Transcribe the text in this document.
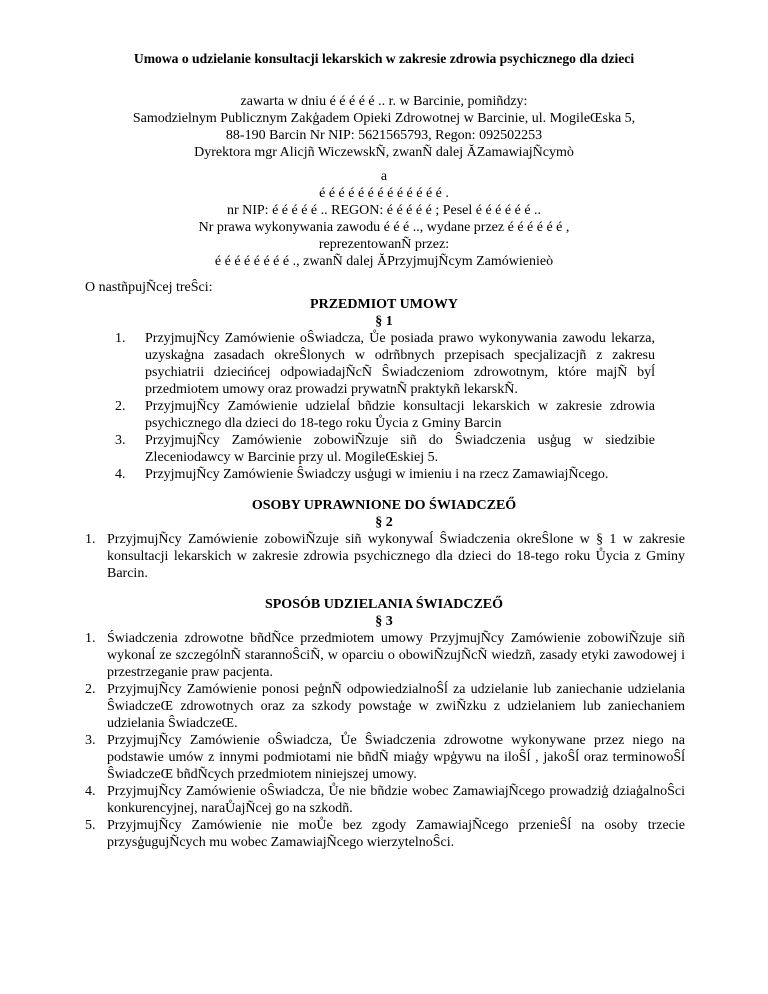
Umowa o udzielanie konsultacji lekarskich w zakresie zdrowia psychicznego dla dzieci
zawarta w dniu é é é é é .. r. w Barcinie, pomiñdzy:
Samodzielnym Publicznym Zakģadem Opieki Zdrowotnej w Barcinie, ul. MogileŒska 5,
88-190 Barcin Nr NIP: 5621565793, Regon: 092502253
Dyrektora mgr Alicjñ WiczewskÑ, zwanÑ dalej ĂZamawiajÑcymò
a
é é é é é é é é é é é é é .
nr NIP: é é é é é .. REGON: é é é é é ; Pesel é é é é é é ..
Nr prawa wykonywania zawodu é é é .., wydane przez é é é é é é ,
reprezentowanÑ przez:
é é é é é é é é ., zwanÑ dalej ĂPrzyjmujÑcym Zamówienieò
O nastñpujÑcej treŜci:
PRZEDMIOT UMOWY
§ 1
1. PrzyjmujÑcy Zamówienie oŜwiadcza, Ůe posiada prawo wykonywania zawodu lekarza, uzyskaģna zasadach okreŜlonych w odrñbnych przepisach specjalizacjñ z zakresu psychiatrii dziecińcej odpowiadajÑcÑ Ŝwiadczeniom zdrowotnym, które majÑ byĺ przedmiotem umowy oraz prowadzi prywatnÑ praktykñ lekarskÑ.
2. PrzyjmujÑcy Zamówienie udzielaĺ bñdzie konsultacji lekarskich w zakresie zdrowia psychicznego dla dzieci do 18-tego roku Ůycia z Gminy Barcin
3. PrzyjmujÑcy Zamówienie zobowiÑzuje siñ do Ŝwiadczenia usģug w siedzibie Zleceniodawcy w Barcinie przy ul. MogileŒskiej 5.
4. PrzyjmujÑcy Zamówienie Ŝwiadczy usģugi w imieniu i na rzecz ZamawiajÑcego.
OSOBY UPRAWNIONE DO ŚWIADCZEŐ
§ 2
1. PrzyjmujÑcy Zamówienie zobowiÑzuje siñ wykonywaĺ Ŝwiadczenia okreŜlone w § 1 w zakresie konsultacji lekarskich w zakresie zdrowia psychicznego dla dzieci do 18-tego roku Ůycia z Gminy Barcin.
SPOSÓB UDZIELANIA ŚWIADCZEŐ
§ 3
1. Świadczenia zdrowotne bñdÑce przedmiotem umowy PrzyjmujÑcy Zamówienie zobowiÑzuje siñ wykonaĺ ze szczególnÑ starannoŜciÑ, w oparciu o obowiÑzujÑcÑ wiedzñ, zasady etyki zawodowej i przestrzeganie praw pacjenta.
2. PrzyjmujÑcy Zamówienie ponosi peģnÑ odpowiedzialnoŜĺ za udzielanie lub zaniechanie udzielania ŜwiadczeŒ zdrowotnych oraz za szkody powstaģe w zwiÑzku z udzielaniem lub zaniechaniem udzielania ŜwiadczeŒ.
3. PrzyjmujÑcy Zamówienie oŜwiadcza, Ůe Ŝwiadczenia zdrowotne wykonywane przez niego na podstawie umów z innymi podmiotami nie bñdÑ miaģy wpģywu na iloŜĺ , jakoŜĺ oraz terminowoŜĺ ŜwiadczeŒ bñdÑcych przedmiotem niniejszej umowy.
4. PrzyjmujÑcy Zamówienie oŜwiadcza, Ůe nie bñdzie wobec ZamawiajÑcego prowadziģ dziaģalnoŜci konkurencyjnej, naraŮajÑcej go na szkodñ.
5. PrzyjmujÑcy Zamówienie nie moŮe bez zgody ZamawiajÑcego przenieŜĺ na osoby trzecie przysģugujÑcych mu wobec ZamawiajÑcego wierzytelnoŜci.
